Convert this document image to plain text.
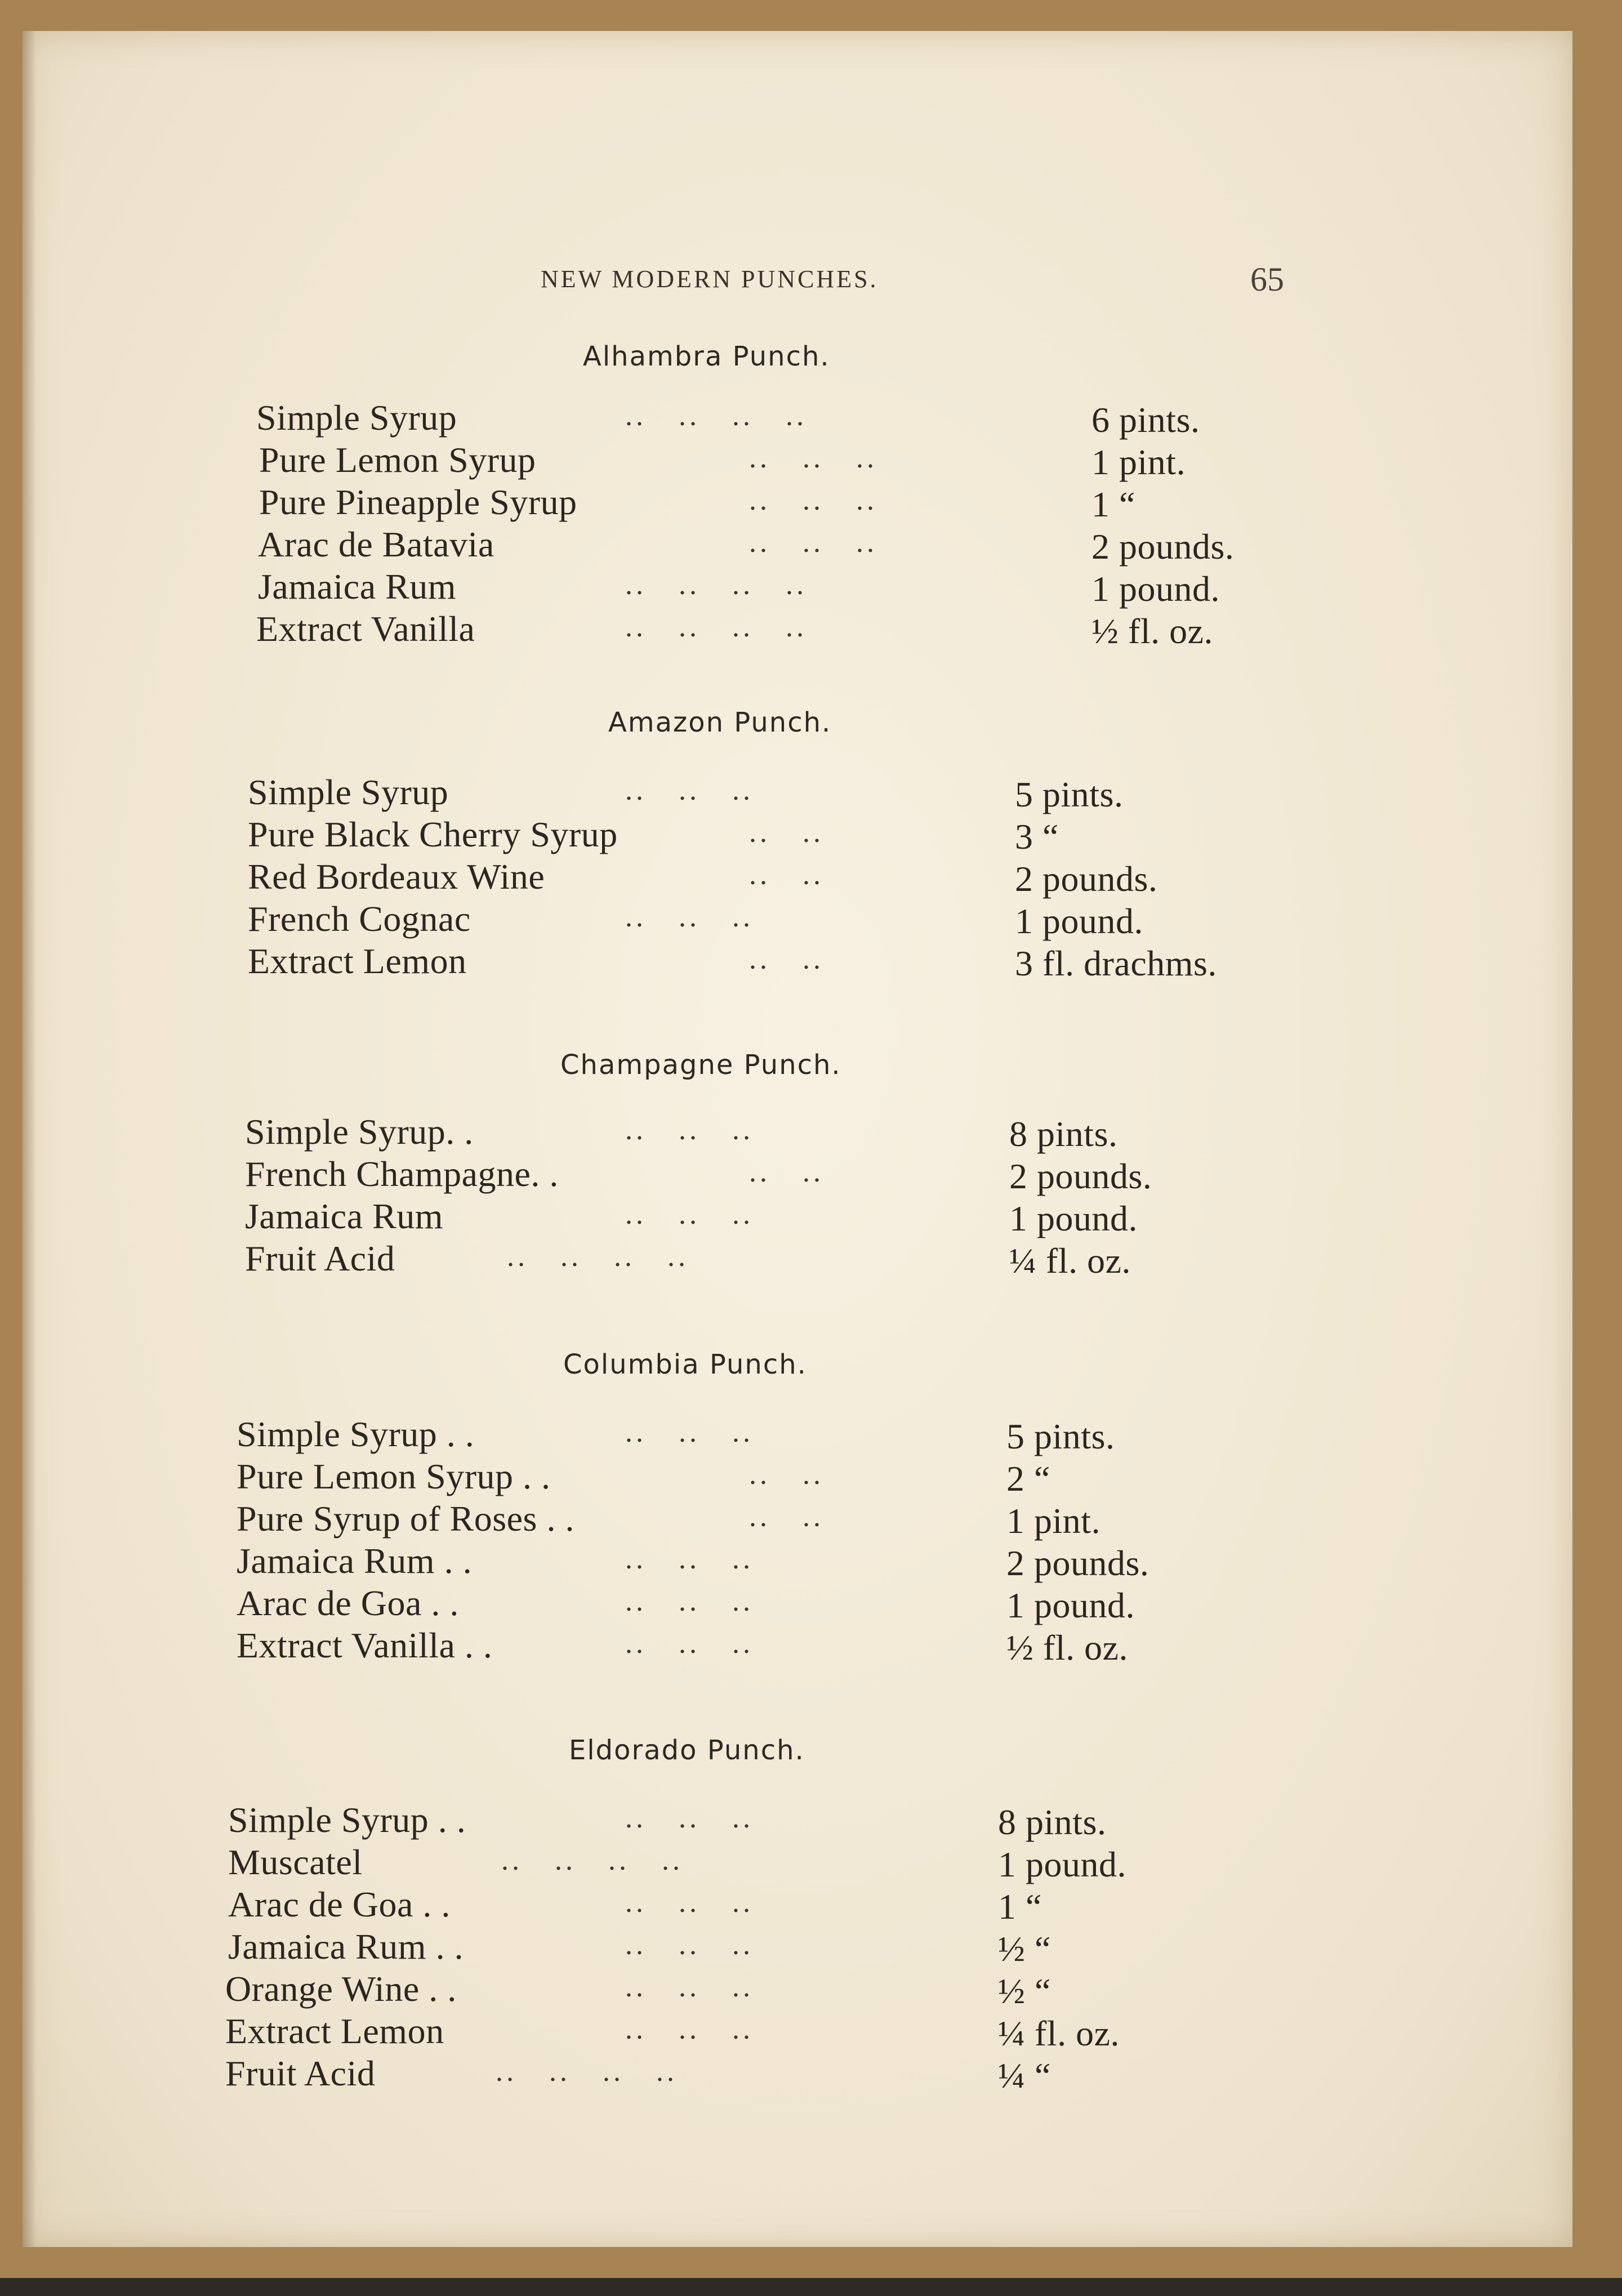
NEW MODERN PUNCHES.	65
Alhambra Punch.
Simple Syrup	..   ..   ..   ..	6 pints.
Pure Lemon Syrup	..   ..   ..	1 pint.
Pure Pineapple Syrup	..   ..   ..	1 “
Arac de Batavia	..   ..   ..	2 pounds.
Jamaica Rum	..   ..   ..   ..	1 pound.
Extract Vanilla	..   ..   ..   ..	½ fl. oz.
Amazon Punch.
Simple Syrup	..   ..   ..	5 pints.
Pure Black Cherry Syrup	..   ..	3 “
Red Bordeaux Wine	..   ..	2 pounds.
French Cognac	..   ..   ..	1 pound.
Extract Lemon	..   ..	3 fl. drachms.
Champagne Punch.
Simple Syrup. .	..   ..   ..	8 pints.
French Champagne. .	..   ..	2 pounds.
Jamaica Rum	..   ..   ..	1 pound.
Fruit Acid	..   ..   ..   ..	¼ fl. oz.
Columbia Punch.
Simple Syrup . .	..   ..   ..	5 pints.
Pure Lemon Syrup . .	..   ..	2 “
Pure Syrup of Roses . .	..   ..	1 pint.
Jamaica Rum . .	..   ..   ..	2 pounds.
Arac de Goa . .	..   ..   ..	1 pound.
Extract Vanilla . .	..   ..   ..	½ fl. oz.
Eldorado Punch.
Simple Syrup . .	..   ..   ..	8 pints.
Muscatel	..   ..   ..   ..	1 pound.
Arac de Goa . .	..   ..   ..	1 “
Jamaica Rum . .	..   ..   ..	½ “
Orange Wine . .	..   ..   ..	½ “
Extract Lemon	..   ..   ..	¼ fl. oz.
Fruit Acid	..   ..   ..   ..	¼ “
